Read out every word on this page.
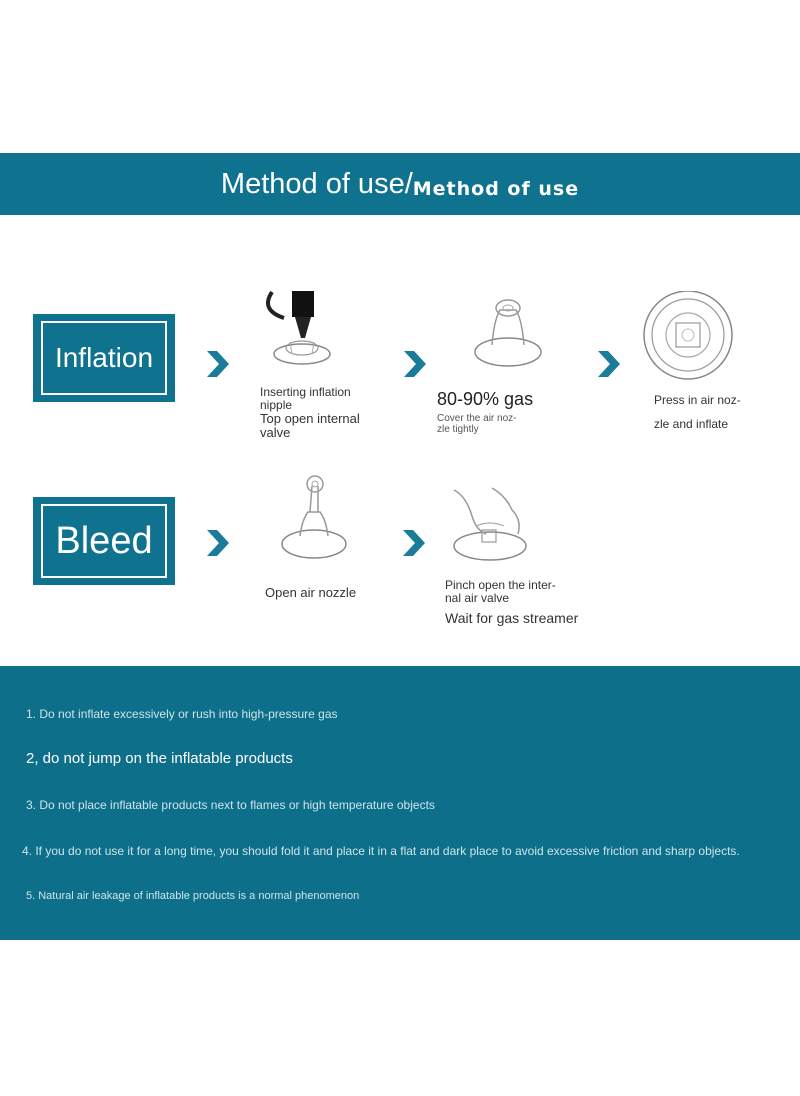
Method of use/ Method of use
Inflation
Inserting inflation nipple
Top open internal valve
80-90% gas
Cover the air noz-zle tightly
Press in air noz-
zle and inflate
Bleed
Open air nozzle	Pinch open the inter-nal air valve
Wait for gas streamer
1. Do not inflate excessively or rush into high-pressure gas
2, do not jump on the inflatable products
3. Do not place inflatable products next to flames or high temperature objects
4. If you do not use it for a long time, you should fold it and place it in a flat and dark place to avoid excessive friction and sharp objects.
5. Natural air leakage of inflatable products is a normal phenomenon
